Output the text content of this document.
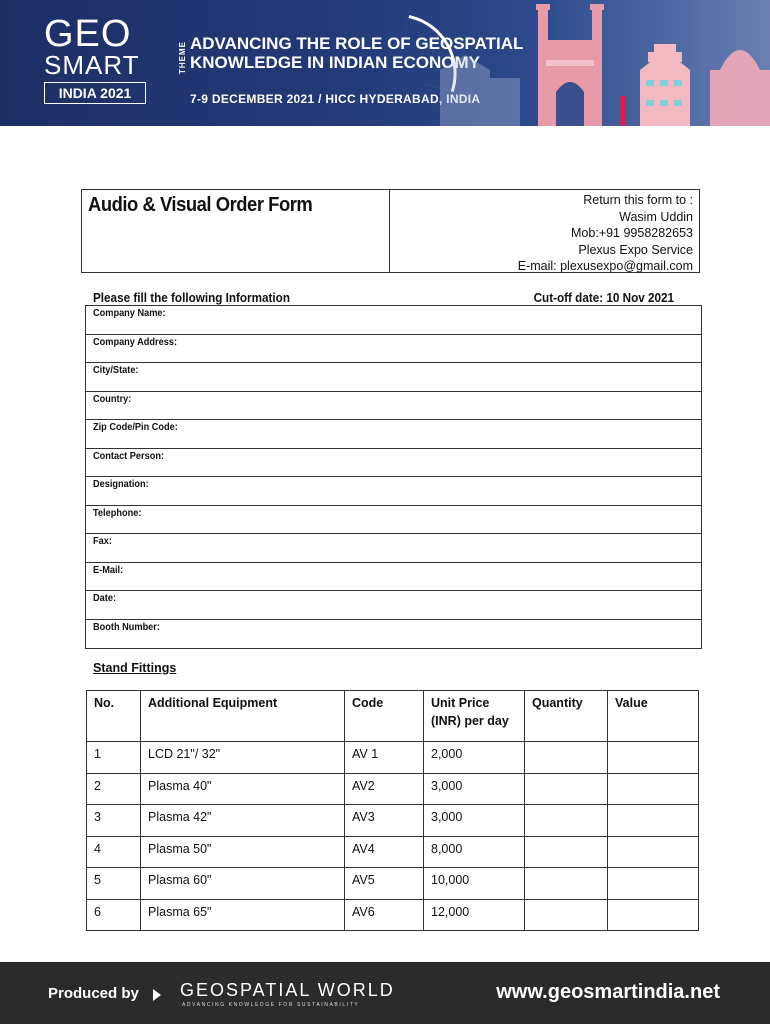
GEO
SMART
INDIA 2021
THEME ADVANCING THE ROLE OF GEOSPATIAL
KNOWLEDGE IN INDIAN ECONOMY
7-9 DECEMBER 2021 / HICC HYDERABAD, INDIA
Audio & Visual Order Form	Return this form to :
Wasim Uddin
Mob:+91 9958282653
Plexus Expo Service
E-mail: plexusexpo@gmail.com
Please fill the following Information	Cut-off date: 10 Nov 2021
Company Name:
Company Address:
City/State:
Country:
Zip Code/Pin Code:
Contact Person:
Designation:
Telephone:
Fax:
E-Mail:
Date:
Booth Number:
Stand Fittings
No.	Additional Equipment	Code	Unit Price (INR) per day	Quantity	Value
1	LCD 21"/ 32"	AV 1	2,000		
2	Plasma 40"	AV2	3,000		
3	Plasma 42"	AV3	3,000		
4	Plasma 50"	AV4	8,000		
5	Plasma 60"	AV5	10,000		
6	Plasma 65"	AV6	12,000		
Produced by GEOSPATIAL WORLD
ADVANCING KNOWLEDGE FOR SUSTAINABILITY
www.geosmartindia.net
